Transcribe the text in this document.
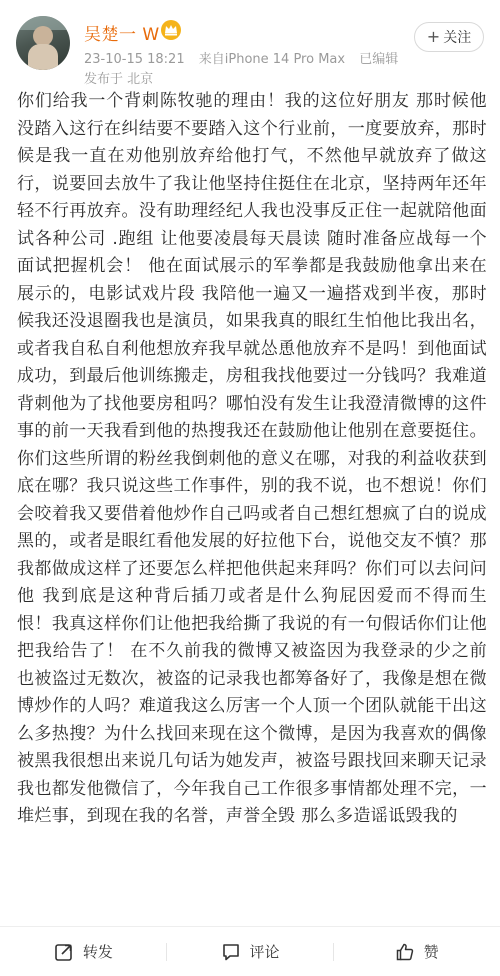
吴楚一 W
23-10-15 18:21 来自iPhone 14 Pro Max 已编辑
发布于 北京
+ 关注
你们给我一个背刺陈牧驰的理由！我的这位好朋友 那时候他没踏入这行在纠结要不要踏入这个行业前，一度要放弃，那时候是我一直在劝他别放弃给他打气，不然他早就放弃了做这行，说要回去放牛了我让他坚持住挺住在北京，坚持两年还年轻不行再放弃。没有助理经纪人我也没事反正住一起就陪他面试各种公司 .跑组 让他要凌晨每天晨读 随时准备应战每一个面试把握机会！ 他在面试展示的军拳都是我鼓励他拿出来在展示的，电影试戏片段 我陪他一遍又一遍搭戏到半夜，那时候我还没退圈我也是演员，如果我真的眼红生怕他比我出名，或者我自私自利他想放弃我早就怂恿他放弃不是吗！到他面试成功，到最后他训练搬走，房租我找他要过一分钱吗？我难道背刺他为了找他要房租吗？哪怕没有发生让我澄清微博的这件事的前一天我看到他的热搜我还在鼓励他让他别在意要挺住。你们这些所谓的粉丝我倒刺他的意义在哪，对我的利益收获到底在哪？我只说这些工作事件，别的我不说，也不想说！你们会咬着我又要借着他炒作自己吗或者自己想红想疯了白的说成黑的，或者是眼红看他发展的好拉他下台，说他交友不慎？那我都做成这样了还要怎么样把他供起来拜吗？你们可以去问问他 我到底是这种背后插刀或者是什么狗屁因爱而不得而生恨！我真这样你们让他把我给撕了我说的有一句假话你们让他把我给告了！ 在不久前我的微博又被盗因为我登录的少之前也被盗过无数次，被盗的记录我也都筹备好了，我像是想在微博炒作的人吗？难道我这么厉害一个人顶一个团队就能干出这么多热搜？为什么找回来现在这个微博，是因为我喜欢的偶像被黑我很想出来说几句话为她发声，被盗号跟找回来聊天记录我也都发他微信了，今年我自己工作很多事情都处理不完，一堆烂事，到现在我的名誉，声誉全毁 那么多造谣诋毁我的
转发	评论	赞
